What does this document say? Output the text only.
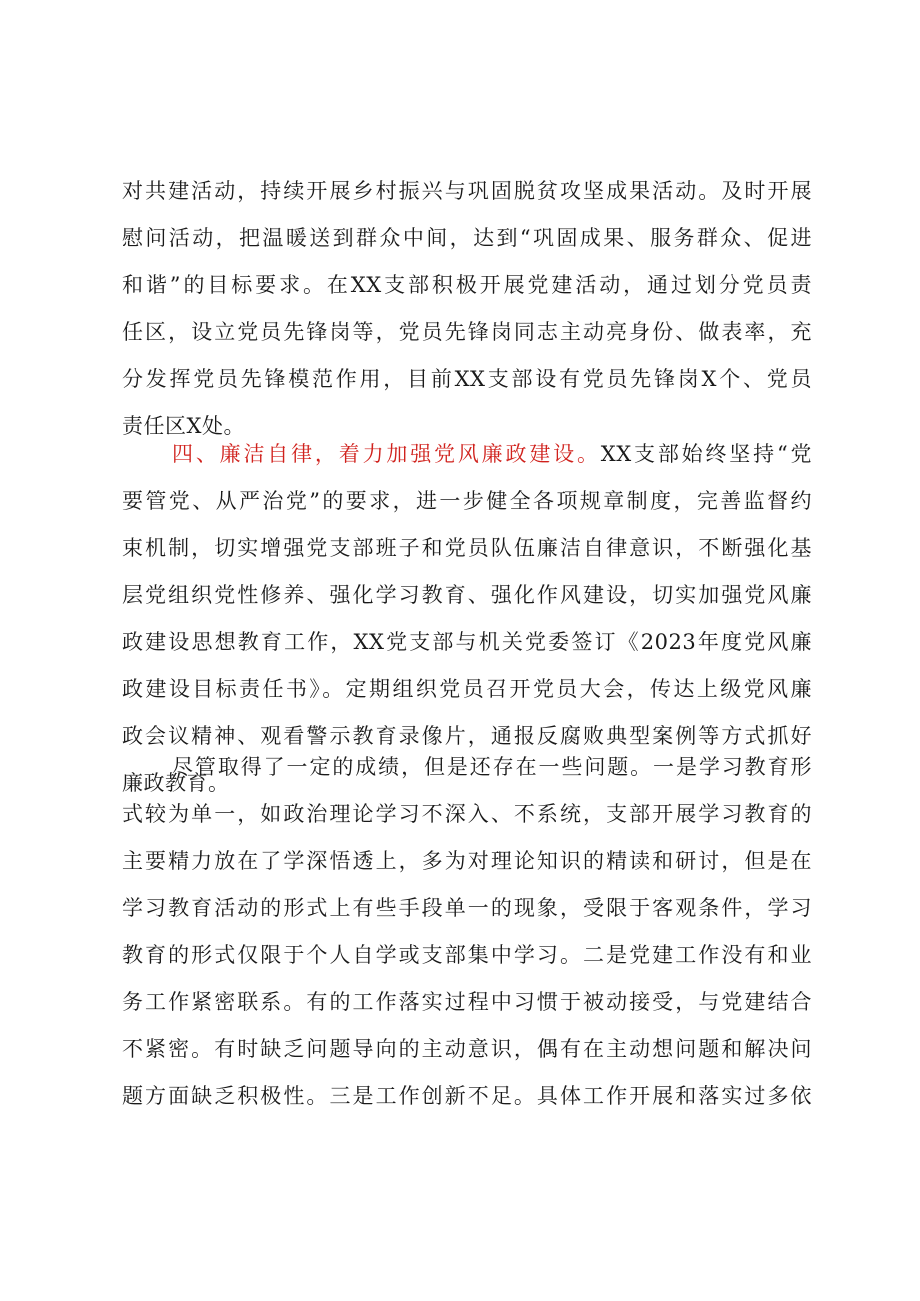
对共建活动，持续开展乡村振兴与巩固脱贫攻坚成果活动。及时开展
慰问活动，把温暖送到群众中间，达到“巩固成果、服务群众、促进
和谐”的目标要求。在XX支部积极开展党建活动，通过划分党员责
任区，设立党员先锋岗等，党员先锋岗同志主动亮身份、做表率，充
分发挥党员先锋模范作用，目前XX支部设有党员先锋岗X个、党员
责任区X处。
四、廉洁自律，着力加强党风廉政建设。XX支部始终坚持“党
要管党、从严治党”的要求，进一步健全各项规章制度，完善监督约
束机制，切实增强党支部班子和党员队伍廉洁自律意识，不断强化基
层党组织党性修养、强化学习教育、强化作风建设，切实加强党风廉
政建设思想教育工作，XX党支部与机关党委签订《2023年度党风廉
政建设目标责任书》。定期组织党员召开党员大会，传达上级党风廉
政会议精神、观看警示教育录像片，通报反腐败典型案例等方式抓好
廉政教育。
尽管取得了一定的成绩，但是还存在一些问题。一是学习教育形
式较为单一，如政治理论学习不深入、不系统，支部开展学习教育的
主要精力放在了学深悟透上，多为对理论知识的精读和研讨，但是在
学习教育活动的形式上有些手段单一的现象，受限于客观条件，学习
教育的形式仅限于个人自学或支部集中学习。二是党建工作没有和业
务工作紧密联系。有的工作落实过程中习惯于被动接受，与党建结合
不紧密。有时缺乏问题导向的主动意识，偶有在主动想问题和解决问
题方面缺乏积极性。三是工作创新不足。具体工作开展和落实过多依
